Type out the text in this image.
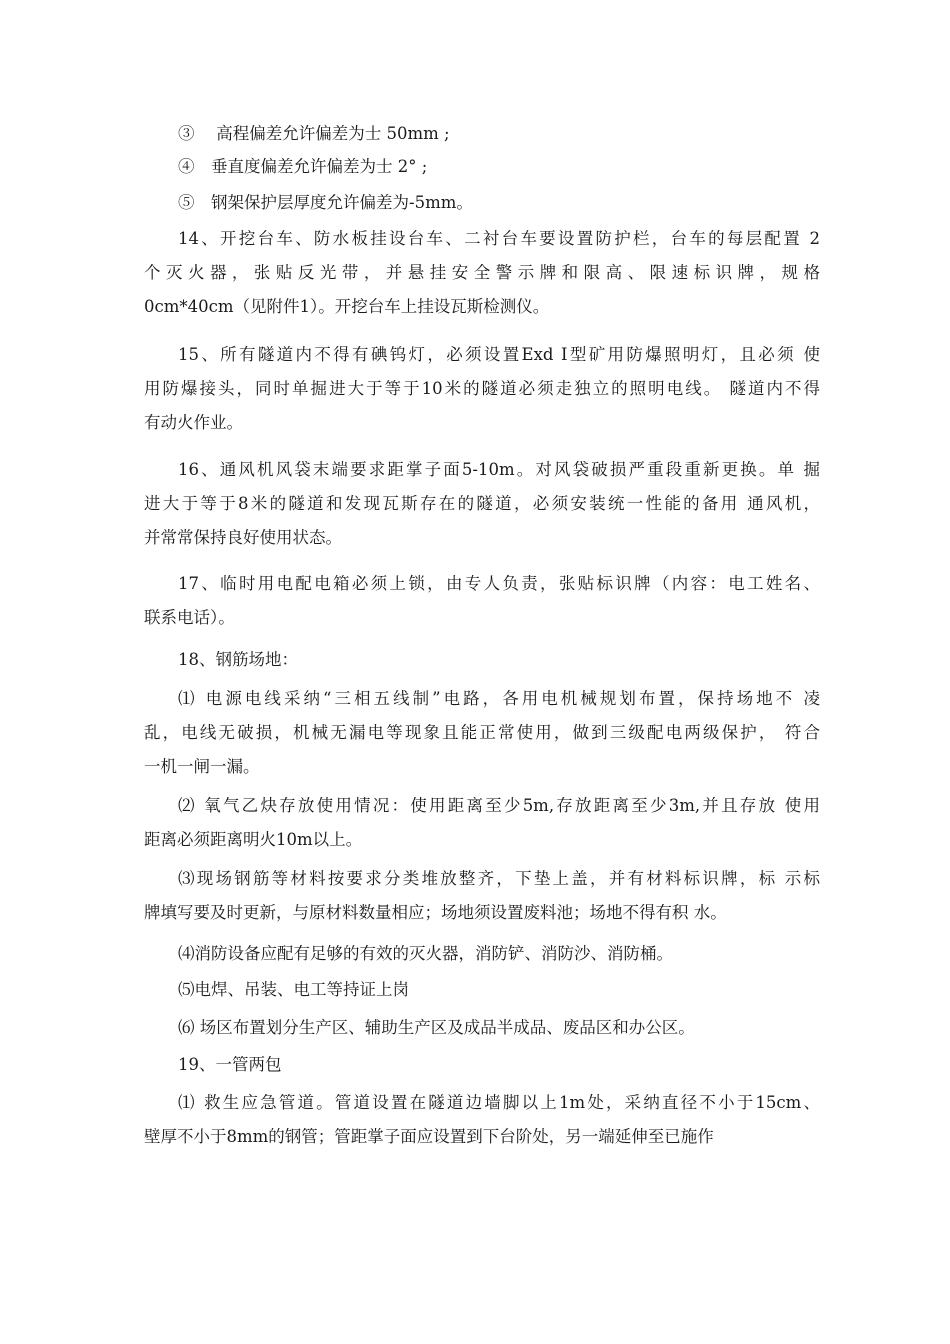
③　 高程偏差允许偏差为士 50mm ;
④　垂直度偏差允许偏差为士 2° ;
⑤　钢架保护层厚度允许偏差为-5mm。
14、开挖台车、防水板挂设台车、二衬台车要设置防护栏，台车的每层配置 2
个灭火器，张贴反光带，并悬挂安全警示牌和限高、限速标识牌，规格
0cm*40cm（见附件1）。开挖台车上挂设瓦斯检测仪。
15、所有隧道内不得有碘钨灯，必须设置Exd I型矿用防爆照明灯，且必须 使
用防爆接头，同时单掘进大于等于10米的隧道必须走独立的照明电线。 隧道内不得
有动火作业。
16、通风机风袋末端要求距掌子面5-10m。对风袋破损严重段重新更换。单 掘
进大于等于8米的隧道和发现瓦斯存在的隧道，必须安装统一性能的备用 通风机，
并常常保持良好使用状态。
17、临时用电配电箱必须上锁，由专人负责，张贴标识牌（内容：电工姓名、
联系电话）。
18、钢筋场地：
⑴ 电源电线采纳“三相五线制”电路，各用电机械规划布置，保持场地不 凌
乱，电线无破损，机械无漏电等现象且能正常使用，做到三级配电两级保护， 符合
一机一闸一漏。
⑵ 氧气乙炔存放使用情况：使用距离至少5m,存放距离至少3m,并且存放 使用
距离必须距离明火10m以上。
⑶现场钢筋等材料按要求分类堆放整齐，下垫上盖，并有材料标识牌，标 示标
牌填写要及时更新，与原材料数量相应；场地须设置废料池；场地不得有积 水。
⑷消防设备应配有足够的有效的灭火器，消防铲、消防沙、消防桶。
⑸电焊、吊装、电工等持证上岗
⑹ 场区布置划分生产区、辅助生产区及成品半成品、废品区和办公区。
19、一管两包
⑴ 救生应急管道。管道设置在隧道边墙脚以上1m处，采纳直径不小于15cm、
壁厚不小于8mm的钢管；管距掌子面应设置到下台阶处，另一端延伸至已施作
